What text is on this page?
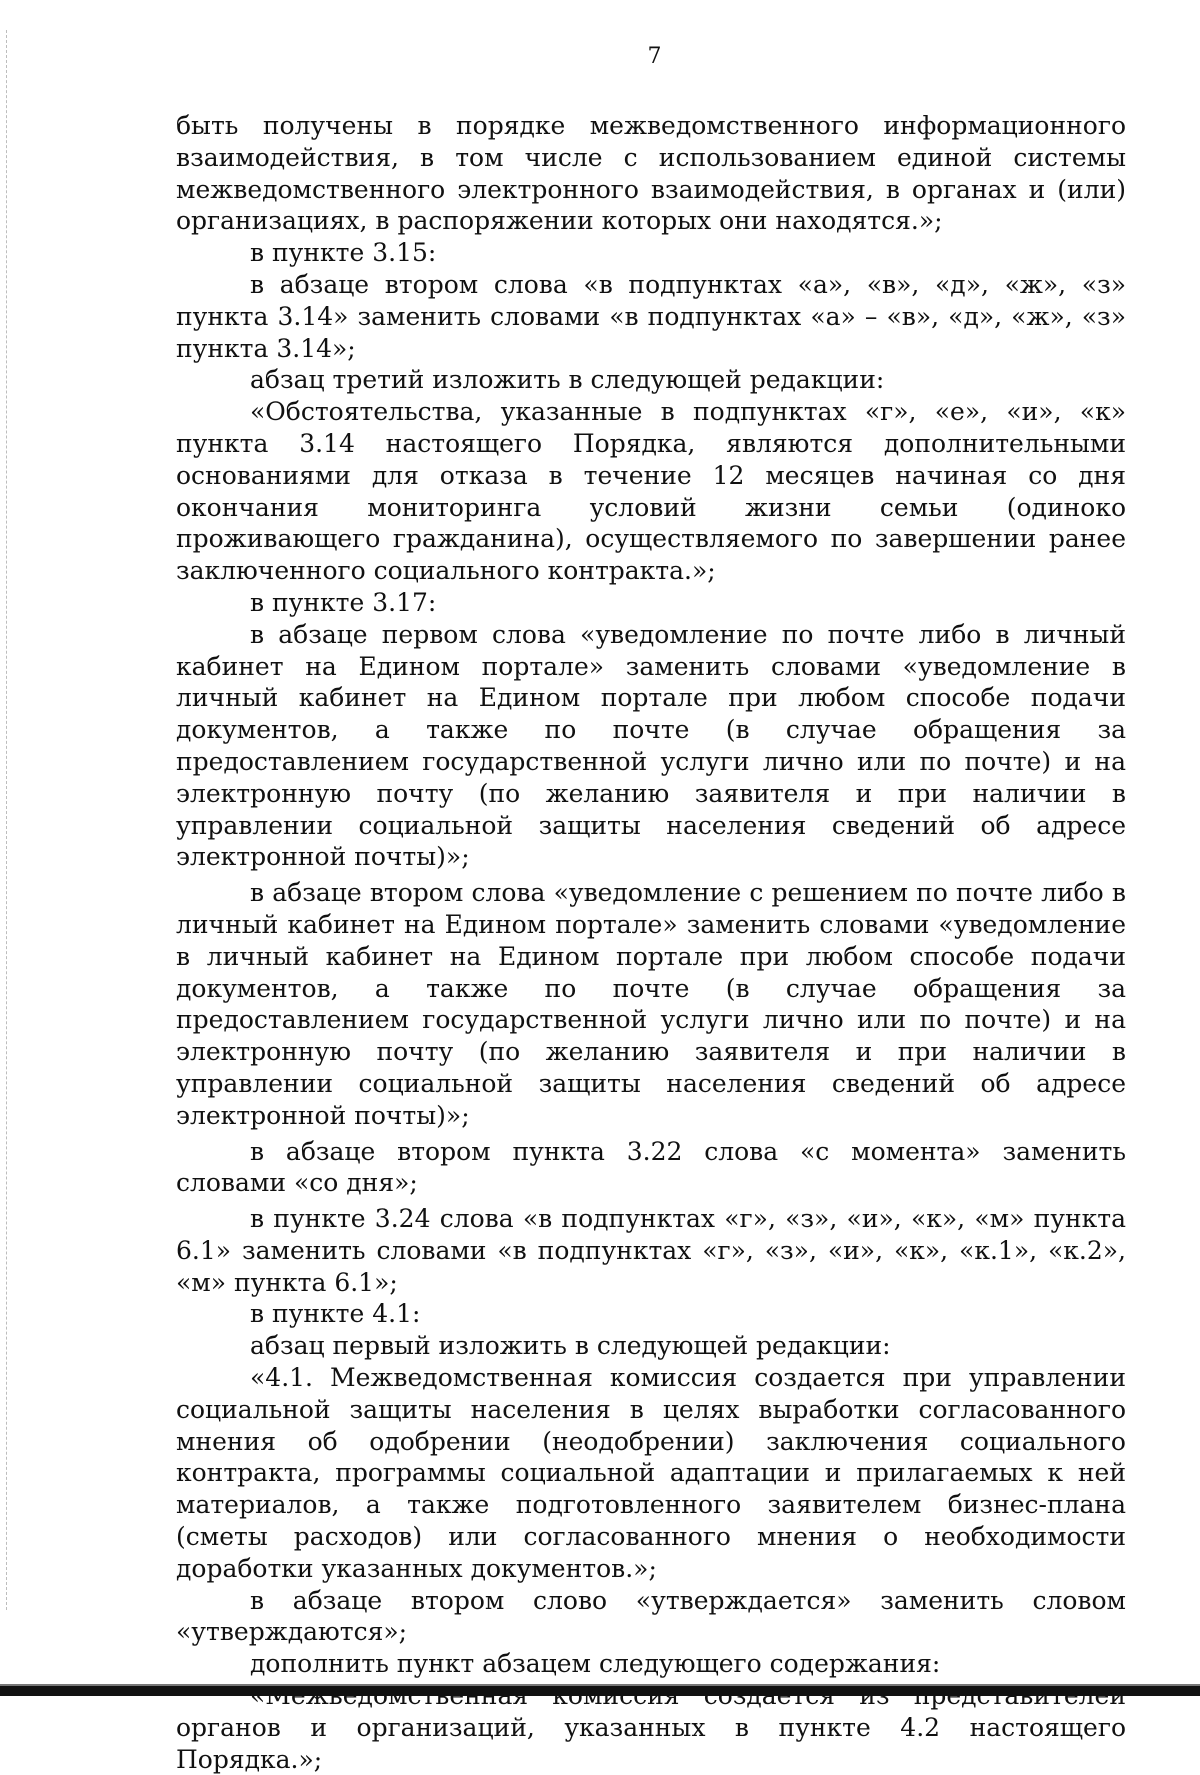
7

быть получены в порядке межведомственного информационного взаимодействия, в том числе с использованием единой системы межведомственного электронного взаимодействия, в органах и (или) организациях, в распоряжении которых они находятся.»;

в пункте 3.15:

в абзаце втором слова «в подпунктах «а», «в», «д», «ж», «з» пункта 3.14» заменить словами «в подпунктах «а» – «в», «д», «ж», «з» пункта 3.14»;

абзац третий изложить в следующей редакции:

«Обстоятельства, указанные в подпунктах «г», «е», «и», «к» пункта 3.14 настоящего Порядка, являются дополнительными основаниями для отказа в течение 12 месяцев начиная со дня окончания мониторинга условий жизни семьи (одиноко проживающего гражданина), осуществляемого по завершении ранее заключенного социального контракта.»;

в пункте 3.17:

в абзаце первом слова «уведомление по почте либо в личный кабинет на Едином портале» заменить словами «уведомление в личный кабинет на Едином портале при любом способе подачи документов, а также по почте (в случае обращения за предоставлением государственной услуги лично или по почте) и на электронную почту (по желанию заявителя и при наличии в управлении социальной защиты населения сведений об адресе электронной почты)»;

в абзаце втором слова «уведомление с решением по почте либо в личный кабинет на Едином портале» заменить словами «уведомление в личный кабинет на Едином портале при любом способе подачи документов, а также по почте (в случае обращения за предоставлением государственной услуги лично или по почте) и на электронную почту (по желанию заявителя и при наличии в управлении социальной защиты населения сведений об адресе электронной почты)»;

в абзаце втором пункта 3.22 слова «с момента» заменить словами «со дня»;

в пункте 3.24 слова «в подпунктах «г», «з», «и», «к», «м» пункта 6.1» заменить словами «в подпунктах «г», «з», «и», «к», «к.1», «к.2», «м» пункта 6.1»;

в пункте 4.1:

абзац первый изложить в следующей редакции:

«4.1. Межведомственная комиссия создается при управлении социальной защиты населения в целях выработки согласованного мнения об одобрении (неодобрении) заключения социального контракта, программы социальной адаптации и прилагаемых к ней материалов, а также подготовленного заявителем бизнес-плана (сметы расходов) или согласованного мнения о необходимости доработки указанных документов.»;

в абзаце втором слово «утверждается» заменить словом «утверждаются»;

дополнить пункт абзацем следующего содержания:

органов и организаций, указанных в пункте 4.2 настоящего Порядка.»;
